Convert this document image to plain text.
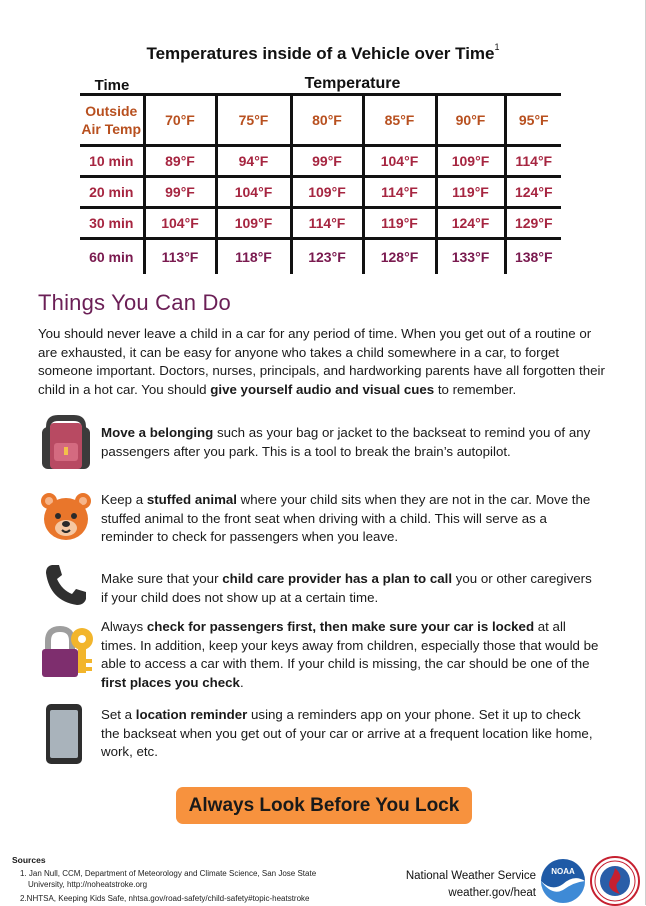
Temperatures inside of a Vehicle over Time$^1$
Time	Temperature
Outside
Air Temp	70°F	75°F	80°F	85°F	90°F	95°F
10 min	89°F	94°F	99°F	104°F	109°F	114°F
20 min	99°F	104°F	109°F	114°F	119°F	124°F
30 min	104°F	109°F	114°F	119°F	124°F	129°F
60 min	113°F	118°F	123°F	128°F	133°F	138°F
Things You Can Do
You should never leave a child in a car for any period of time. When you get out of a routine or are exhausted, it can be easy for anyone who takes a child somewhere in a car, to forget someone important. Doctors, nurses, principals, and hardworking parents have all forgotten their child in a hot car. You should give yourself audio and visual cues to remember.
Move a belonging such as your bag or jacket to the backseat to remind you of any passengers after you park. This is a tool to break the brain’s autopilot.
Keep a stuffed animal where your child sits when they are not in the car. Move the stuffed animal to the front seat when driving with a child. This will serve as a reminder to check for passengers when you leave.
Make sure that your child care provider has a plan to call you or other caregivers if your child does not show up at a certain time.
Always check for passengers first, then make sure your car is locked at all times. In addition, keep your keys away from children, especially those that would be able to access a car with them. If your child is missing, the car should be one of the first places you check.
Set a location reminder using a reminders app on your phone. Set it up to check the backseat when you get out of your car or arrive at a frequent location like home, work, etc.
Always Look Before You Lock
Sources
1. Jan Null, CCM, Department of Meteorology and Climate Science, San Jose State
University, http://noheatstroke.org
2.NHTSA, Keeping Kids Safe, nhtsa.gov/road-safety/child-safety#topic-heatstroke
National Weather Service
weather.gov/heat
NOAA
